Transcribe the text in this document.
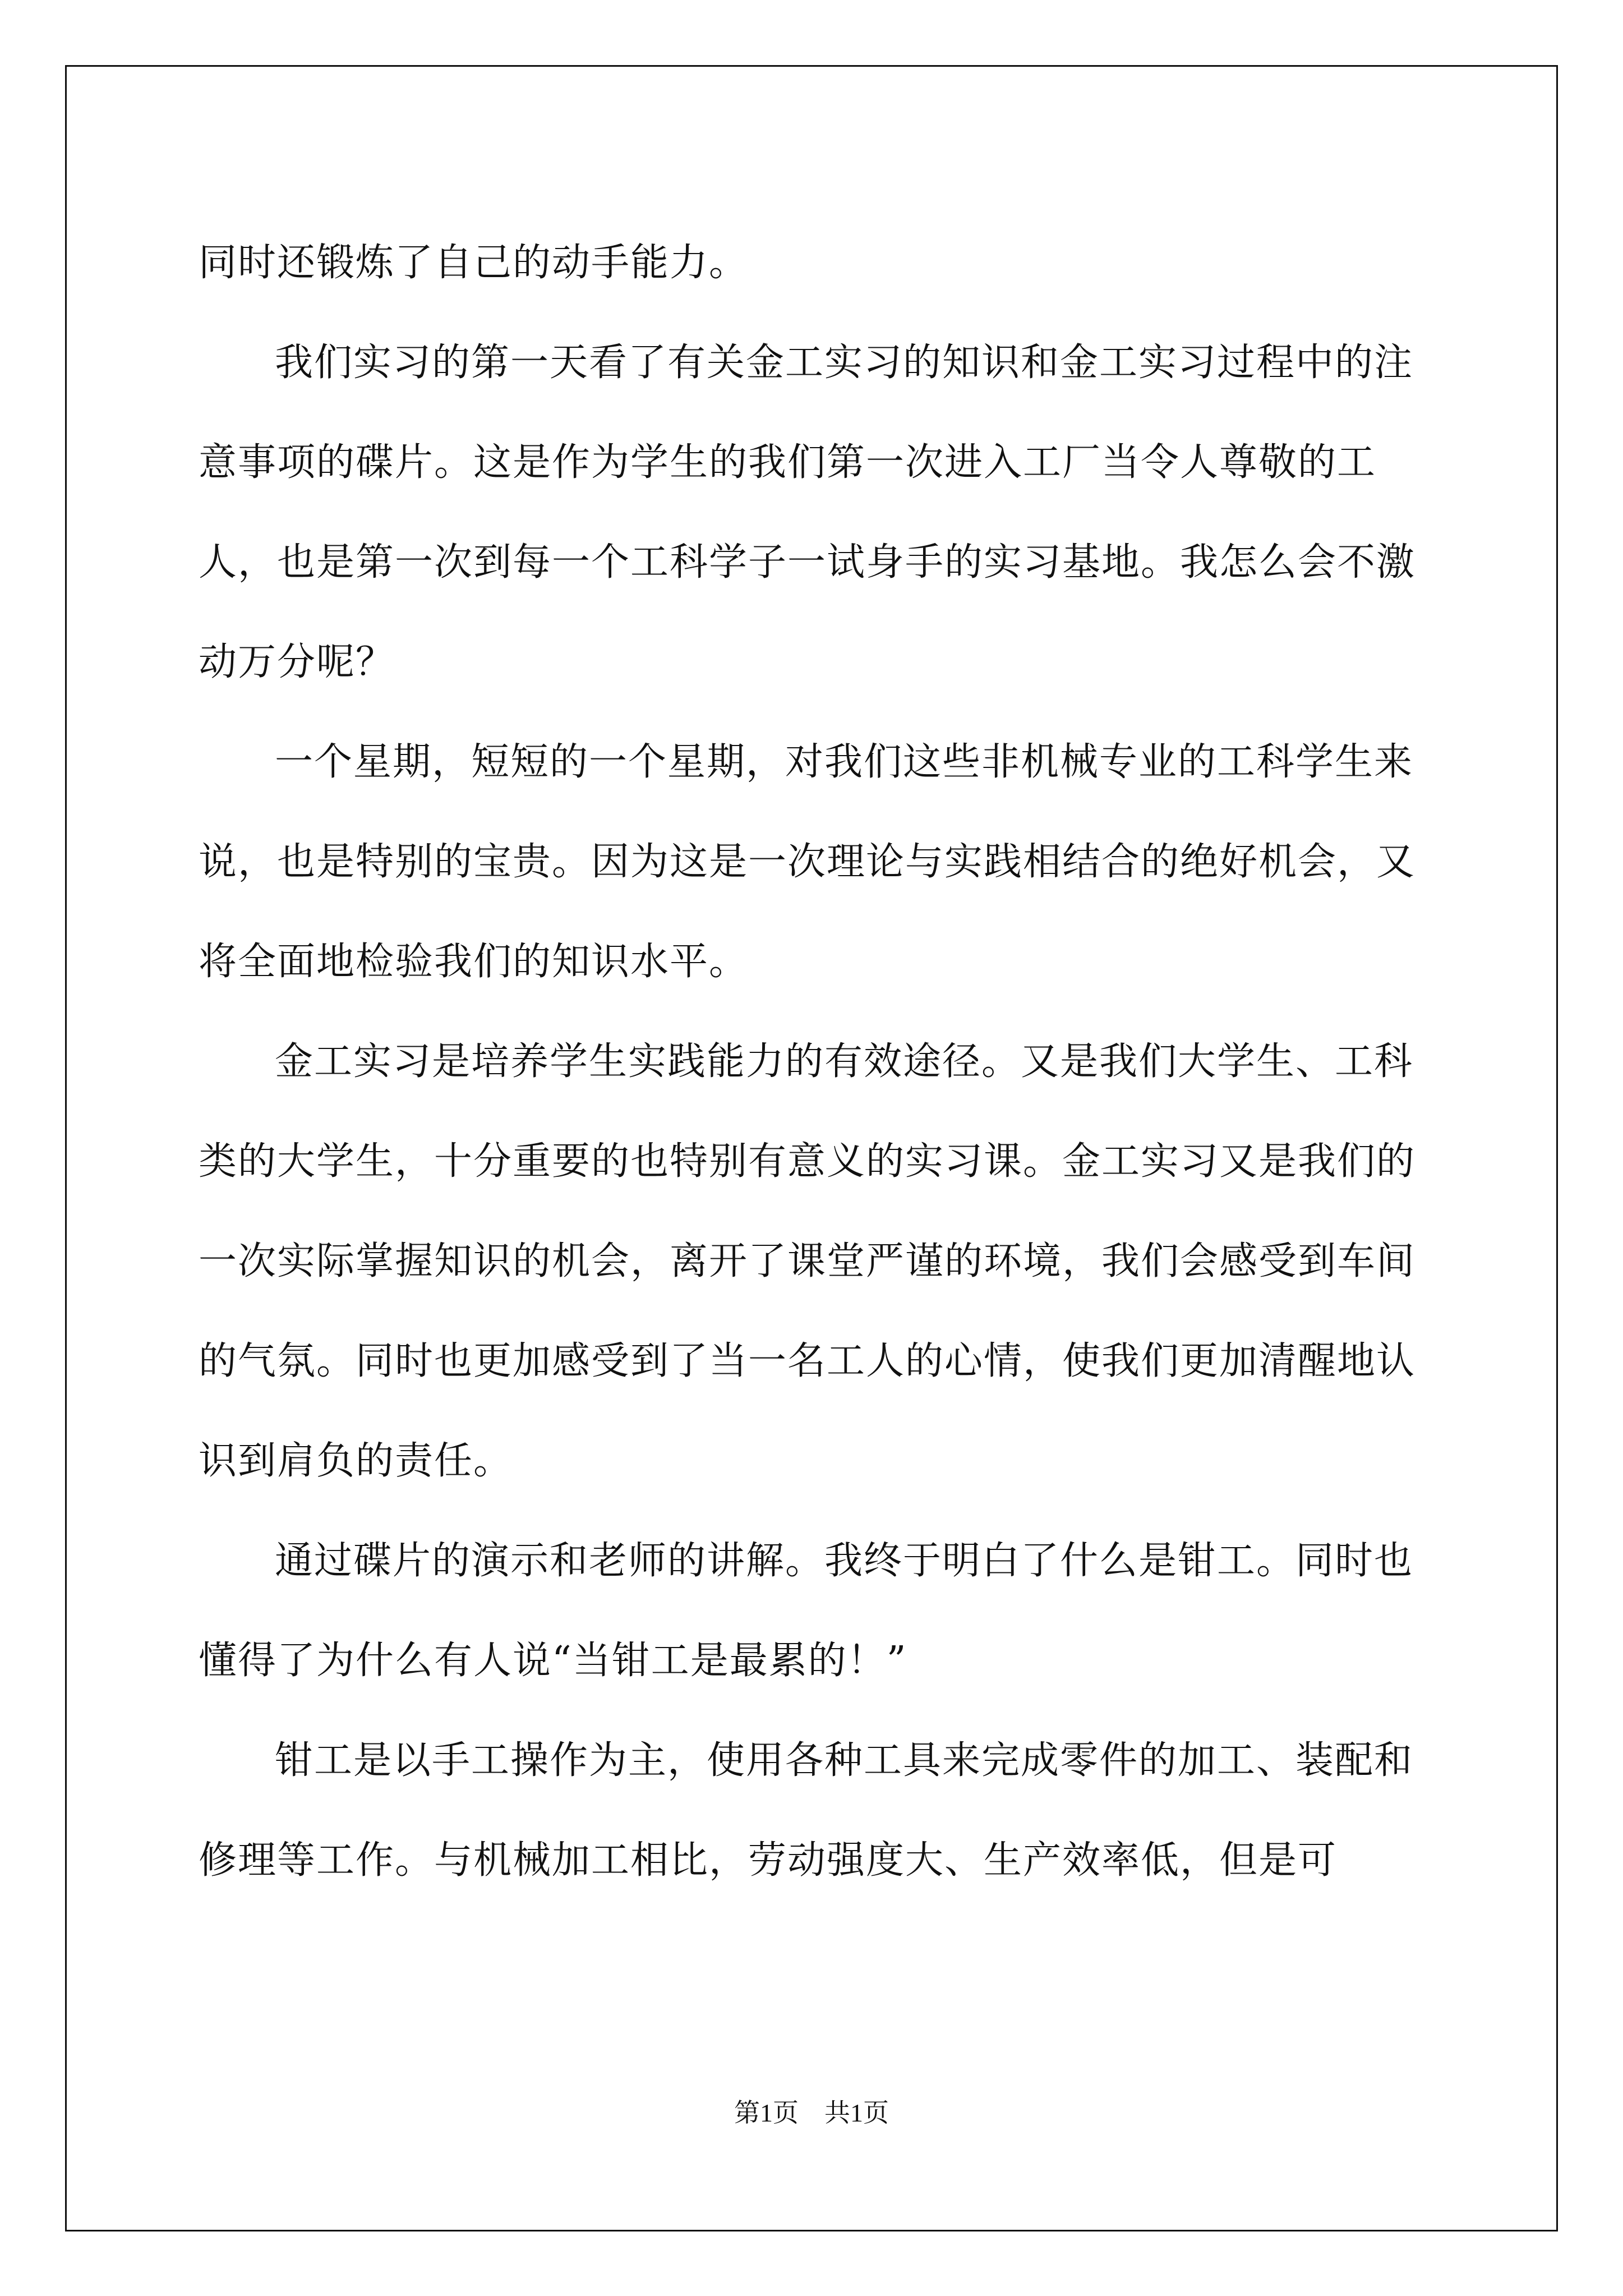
同时还锻炼了自己的动手能力。

我们实习的第一天看了有关金工实习的知识和金工实习过程中的注意事项的碟片。这是作为学生的我们第一次进入工厂当令人尊敬的工人，也是第一次到每一个工科学子一试身手的实习基地。我怎么会不激动万分呢？

一个星期，短短的一个星期，对我们这些非机械专业的工科学生来说，也是特别的宝贵。因为这是一次理论与实践相结合的绝好机会，又将全面地检验我们的知识水平。

金工实习是培养学生实践能力的有效途径。又是我们大学生、工科类的大学生，十分重要的也特别有意义的实习课。金工实习又是我们的一次实际掌握知识的机会，离开了课堂严谨的环境，我们会感受到车间的气氛。同时也更加感受到了当一名工人的心情，使我们更加清醒地认识到肩负的责任。

通过碟片的演示和老师的讲解。我终于明白了什么是钳工。同时也懂得了为什么有人说“当钳工是最累的！”

钳工是以手工操作为主，使用各种工具来完成零件的加工、装配和修理等工作。与机械加工相比，劳动强度大、生产效率低，但是可

第1页　共1页
